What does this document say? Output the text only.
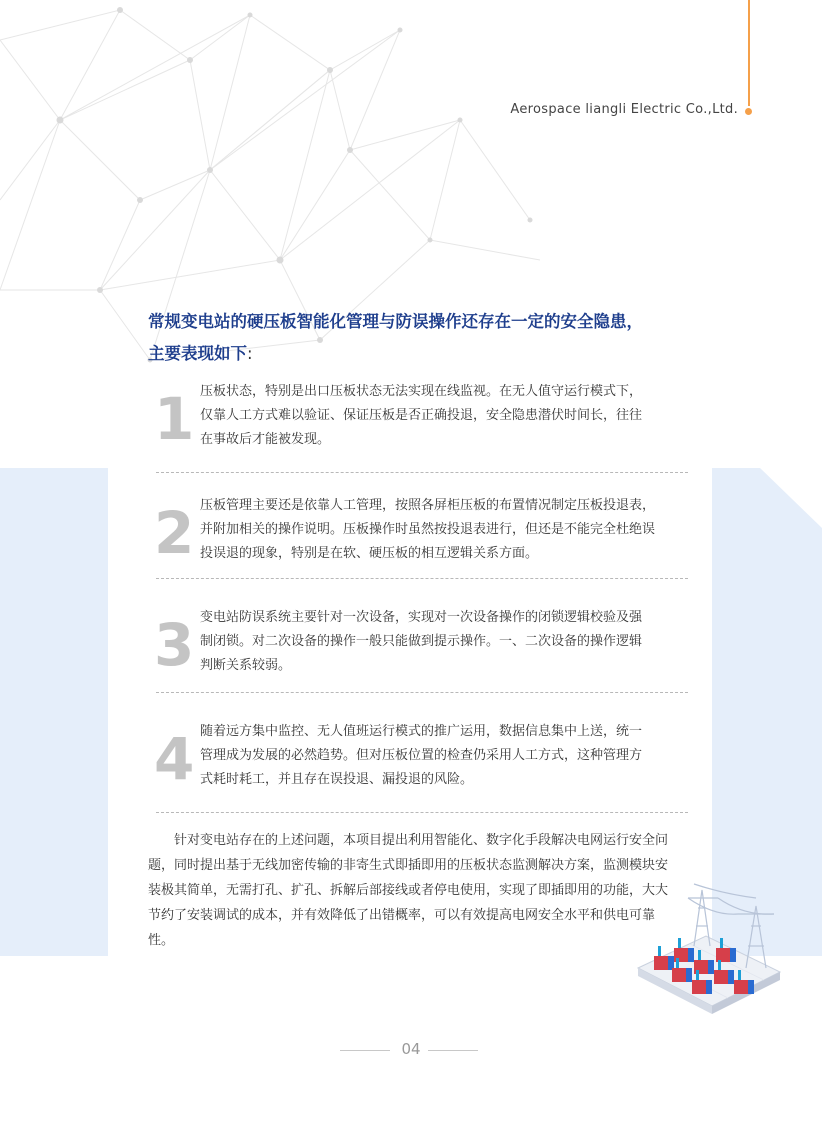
Aerospace liangli Electric Co.,Ltd.
常规变电站的硬压板智能化管理与防误操作还存在一定的安全隐患，
主要表现如下:
1 压板状态，特别是出口压板状态无法实现在线监视。在无人值守运行模式下，
仅靠人工方式难以验证、保证压板是否正确投退，安全隐患潜伏时间长，往往
在事故后才能被发现。
2 压板管理主要还是依靠人工管理，按照各屏柜压板的布置情况制定压板投退表，
并附加相关的操作说明。压板操作时虽然按投退表进行，但还是不能完全杜绝误
投误退的现象，特别是在软、硬压板的相互逻辑关系方面。
3 变电站防误系统主要针对一次设备，实现对一次设备操作的闭锁逻辑校验及强
制闭锁。对二次设备的操作一般只能做到提示操作。一、二次设备的操作逻辑
判断关系较弱。
4 随着远方集中监控、无人值班运行模式的推广运用，数据信息集中上送，统一
管理成为发展的必然趋势。但对压板位置的检查仍采用人工方式，这种管理方
式耗时耗工，并且存在误投退、漏投退的风险。
针对变电站存在的上述问题，本项目提出利用智能化、数字化手段解决电网运行安全问题，同时提出基于无线加密传输的非寄生式即插即用的压板状态监测解决方案，监测模块安装极其简单，无需打孔、扩孔、拆解后部接线或者停电使用，实现了即插即用的功能，大大节约了安装调试的成本，并有效降低了出错概率，可以有效提高电网安全水平和供电可靠性。
04
